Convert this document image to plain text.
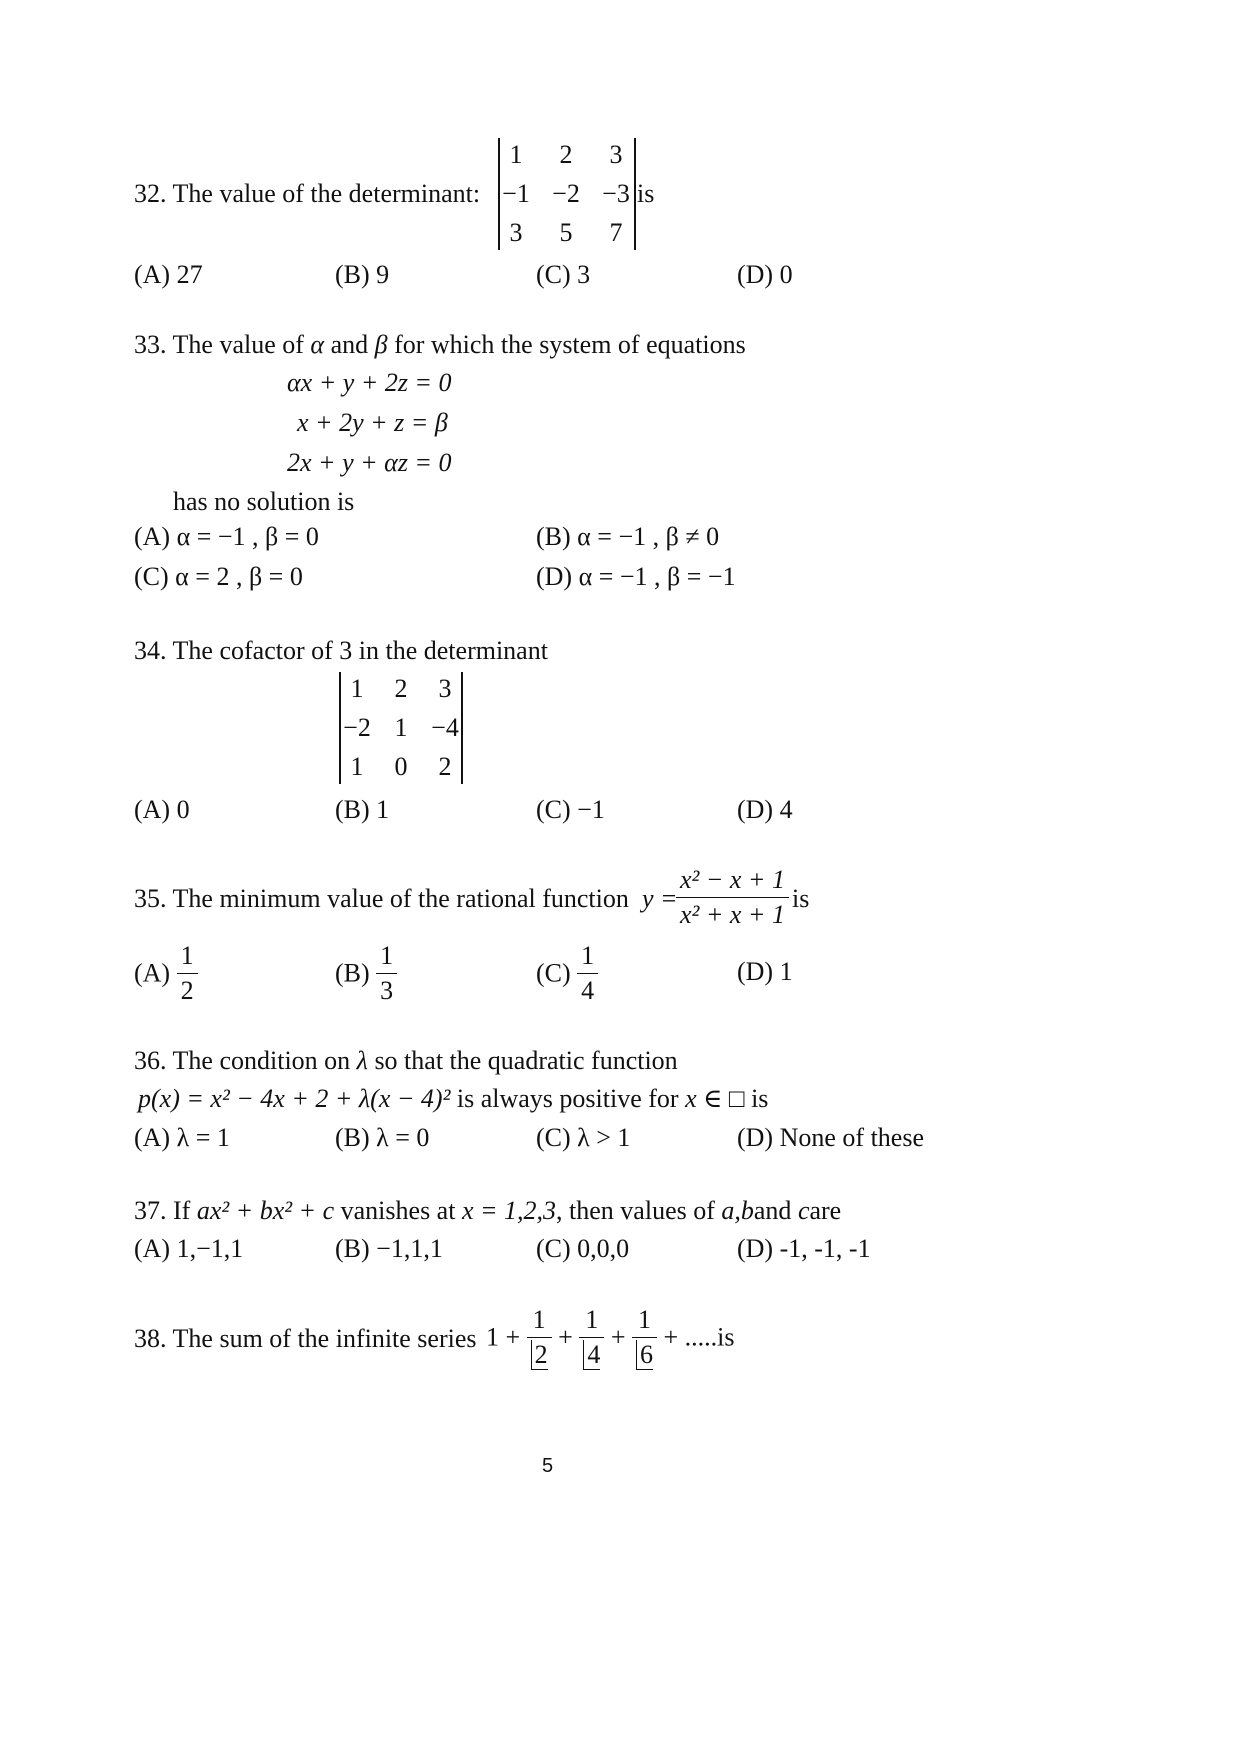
32. The value of the determinant:
1	2	3
−1 −2 −3
3	5	7
is
(A) 27	(B) 9	(C) 3	(D) 0
33. The value of α and β for which the system of equations
αx + y + 2z = 0
x + 2y + z = β
2x + y + αz = 0
has no solution is
(A) α = −1 , β = 0	(B) α = −1 , β ≠ 0
(C) α = 2 , β = 0	(D) α = −1 , β = −1
34. The cofactor of 3 in the determinant
1	2	3
−2 1 −4
1	0	2
(A) 0	(B) 1	(C) −1	(D) 4
35. The minimum value of the rational function y =
$\frac{\text{x² − x + 1}}{\text{x² + x + 1}}$ is
$(A) \frac{1}{2}$	$(B) \frac{1}{3}$	$(C) \frac{1}{4}$	(D) 1
36. The condition on λ so that the quadratic function
p(x) = x² − 4x + 2 + λ(x − 4)² is always positive for x ∈ □ is
(A) λ = 1	(B) λ = 0	(C) λ > 1	(D) None of these
37. If ax² + bx² + c vanishes at x = 1,2,3, then values of a,band care
(A) 1,−1,1	(B) −1,1,1	(C) 0,0,0	(D) -1, -1, -1
38. The sum of the infinite series $1 + \frac{1}{2} + \frac{1}{4} + \frac{1}{6} + .....is$
5
